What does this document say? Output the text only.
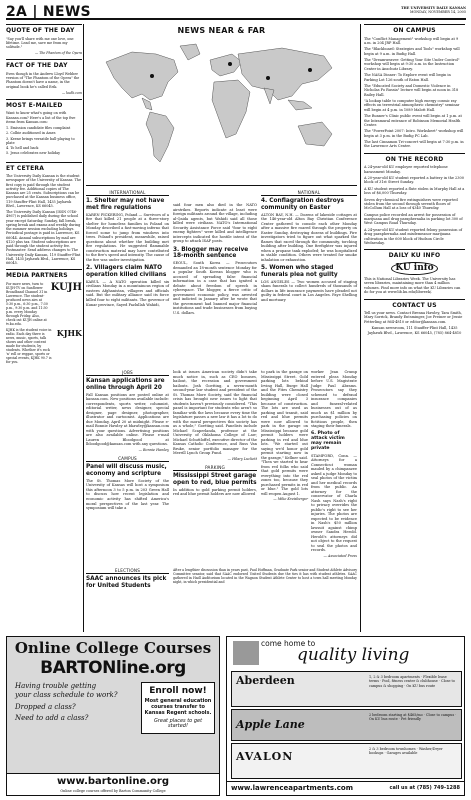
2A | NEWS	THE UNIVERSITY DAILY KANSAN
MONDAY, NOVEMBER 14, 2005
QUOTE OF THE DAY

"Say you'll share with me one love, one lifetime. Lead me, save me from my solitude."

— The Phantom of the Opera
FACT OF THE DAY

Even though in the Andrew Lloyd Webber version of "The Phantom of the Opera" the Phantom doesn't have a name, in the original book he's called Erik.

— kudb.com
MOST E-MAILED

Want to know what's going on with Kansan.com? Here's a list of the top five items from Kansan.com:

1. Emission candidate files complaint
2. Colbie auditioned in Ames
3. Keene brings versatile ball-playing to plate
4. To hell and back
5. Jesus celebrates new holiday
ET CETERA

The University Daily Kansan is the student newspaper of the University of Kansas. The first copy is paid through the student activity fee. Additional copies of The Kansan are 25 cents. Subscriptions can be purchased at the Kansan business office, 119 Stauffer-Flint Hall, 1435 Jayhawk Blvd., Lawrence, KS 66045.

The University Daily Kansan (ISSN 0746-4967) is published daily during the school year except Saturday, Sunday, fall break, spring break and exams and weekly during the summer session excluding holidays. Periodical postage is paid in Lawrence, KS 66044. Annual subscriptions by mail are $120 plus tax. Student subscriptions are paid through the student activity fee. Postmaster: Send address changes to The University Daily Kansan, 119 Stauffer-Flint Hall, 1435 Jayhawk Blvd., Lawrence, KS 66045.

MEDIA PARTNERS
For more news, turn to KUJH-TV on Sunflower Broadband Channel 31 in Lawrence. The student-produced news airs at 5:30 p.m., 6:30 p.m., 7:30 p.m., 9:30 p.m. and 11:30 p.m. every Monday through Friday. Also, check out KUJH online at tv.ku.edu.
KUJH
KJHK is the student voice in radio. Each day there is news, music, sports, talk shows and other content made for students, by students. Whether it's rock 'n' roll or reggae, sports or special events, KJHK 90.7 is for you.
KJHK
NEWS NEAR & FAR
INTERNATIONAL
1. Shelter may not have met fire regulations
KAREN PICKERING, Poland — Survivors of a fire that killed 21 people at a three-story shelter for homeless families in Poland on Monday described a fast-moving inferno that forced some to jump from windows into trees. Poland's president, meanwhile, raised questions about whether the building met fire regulations. He suggested flammable construction material may have contributed to the fire's speed and intensity. The cause of the fire was under investigation.
2. Villagers claim NATO operation killed civilians
KABUL — A NATO operation killed six civilians Monday in a mountainous region of eastern Afghanistan, villagers and officials said. But the military alliance said its force killed four to eight militants. The governor of Kunar province, Sayed Fazlullah Wahidi,
said four men also died in the NATO airstrikes. Reports indicate at least were foreign militants around the village, including al-Qaida agents, but Wahidi said all those killed were civilians. NATO's International Security Assistance Force said "four to eight enemy fighters" were killed and intelligence intercepts indicated the hostile intent of the group to attack ISAF posts.
3. Blogger may receive 18-month sentence
SEOUL, South Korea — Prosecutors demanded an 18-month sentence Monday for a popular South Korean blogger who is accused of spreading false financial information in a case that has ignited a debate about freedom of speech in cyberspace. The blogger, a fierce critic of government economic policy, was arrested and indicted in January after he wrote that the government had banned major financial institutions and trade businesses from buying U.S. dollars.
NATIONAL
4. Conflagration destroys community on Easter
ALTON BAY, N.H. — Dozens of lakeside cottages at the 146-year-old Alton Bay Christian Conference Center gathered to console each other Monday after a massive fire roared through the property on Easter Sunday, destroying dozens of buildings. Fire investigators tried to figure out what sparked the flames that raced through the community, torching building after building. One firefighter was injured when a propane tank exploded; he was hospitalized in stable condition. Others were treated for smoke inhalation or exhaustion.
5. Women who staged funerals plea not guilty
LOS ANGELES — Two women accused of staging sham funerals to collect hundreds of thousands of dollars in life insurance payments have pleaded not guilty in federal court in Los Angeles. Faye Shelling and mortuary
JOBS
Kansan applications are online through April 20
Fall Kansan positions are posted online at kansan.com. New positions available include: correspondents, sports writer, columnist, editorial writer, news designer, special designer, page designer, photographer, illustrator and cartoonist. Applications are due Monday, April 20 at midnight. Please e-mail Bonnie Hawley at bhawley@kansan.com with your questions. Advertising positions are also available online. Please e-mail Lauren Bloodgood at lbloodgood@kansan.com with any questions.
— Bonnie Hawley
CAMPUS
Panel will discuss music, economy and scripture
The St. Thomas More Society of the University of Kansas will host a symposium this afternoon 3 to 5 p.m. in 203 Green Hall to discuss how recent legislation and economic activity has shifted America's moral perspectives of the last year. The symposium will take a
look at issues American society didn't take much notice in, such as CEO bonuses, bailout, the recession and government bailouts. Josh Goetting, a seven-month second-year law student and president of the St. Thomas More Society, said the financial crisis has brought new issues to light that students haven't previously considered. "This panel is important for students who aren't so familiar with the laws because every time the legislature passes a new law it has a lot to do with the moral perspectives this society has as a whole," Goetting said. Panelists include Michael Scaperlanda, professor at the University of Oklahoma College of Law; Michael Schuttloffel, executive director of the Kansas Catholic Conference, and Russ Van Bruke, senior portfolio manager for the Merrill Lynch Group Fund.
— Hilary Luckett
PARKING
Mississippi Street garage open to red, blue permits
In addition to gold parking permit holders, red and blue permit holders are now allowed
to park in the garage on Mississippi Street. Gold parking lots behind Irving Hall, Burge Hall and the Fites Chemistry building were closed beginning April 3 because of construction. The lots are used as parking and transit, said red and blue permits were now allowed to park in the garage on Mississippi because gold permit holders were parking in red and blue lots. "We started out saying we'd honor gold permit starting now in the garage," Kellner said. "Then we started to hear from red folks who said that gold permits were everything into the red zones too, because they purchased permits in red or blue." The gold lots will reopen August 1.
— Mike Kreisberger
worker Jean Crump entered pleas Monday before U.S. Magistrate Judge Paul Abrams. Prosecutors say they schemed to defraud insurance companies and funeral-related businesses out of as much as $1 million by purchasing policies on fictitious people, then staging their funerals.
6. Photo of attack victim may remain private
STAMFORD, Conn. — Attorneys for a Connecticut woman mauled by a chimpanzee asked a judge Monday to seal photos of the victim and her medical records from the public. An attorney for the conservator of Charla Nash says Nash's right to privacy overrides the public's right to see her injuries. The photos are expected to be evidence in Nash's $50 million lawsuit against chimp owner Sandra Herold. Herold's attorneys did not object to the request to seal the photos and records.
— Associated Press
ELECTIONS
SAAC announces its pick for United Students
After a lengthier discussion than in years past, Paul Hoffman, Graduate Park senior and Student Athlete Advisory Committee senator, said that SAAC endorsed United Students due the ties it has with student athletes. SAAC gathered in Hadl Auditorium located in the Wagnon Student Athlete Center to host a town hall meeting Monday night, in which presidential and
ON CAMPUS

The "Conflict Management" workshop will begin at 9 a.m. in 204 JRP Hall.

The "Blackboard: Strategies and Tools" workshop will begin at 9 a.m. in Budig Hall.

The "Dreamweaver: Getting Your Site Under Control" workshop will begin at 9:30 a.m. in the Instruction Center in Anschutz Library.

The NASA Dinner: To Explore event will begin in Parking Lot 126 south of Eaton Hall.

The "Educated Society and Domestic Violence in Nicholas Fo Russia" lecture will begin at noon in 318 Bailey Hall.

"A lookup table to computer high energy cosmic ray effects on terrestrial atmospheric chemistry" seminar will begin at 4 p.m. in 1089 Malott Hall.

The Runner's Clinic public event will begin at 1 p.m. at the Intramural entrance of Robinson Memorial Health Center.

The "PowerPoint 2007: Intro. Worksheet" workshop will begin at 3 p.m. in the Budig PC Lab.

The last Cinnamon Tri-concert will begin at 7:30 p.m. in the Lawrence Arts Center.

ON THE RECORD

A 24-year-old KU employee reported telephone harassment Monday.

A 20-year-old KU student reported a battery in the 2300 block of 31st Street Sunday.

A KU student reported a flute stolen in Murphy Hall at a loss of $6,000 Thursday.

Seven dry-chemical fire extinguishers were reported stolen from the second through seventh floors of McCollum Hall at a loss of $340 Thursday.

Campus police recorded an arrest for possession of marijuana and drug paraphernalia in parking lot 300 of West Campus Road Thursday.

A 24-year-old KU student reported felony possession of drug paraphernalia and misdemeanor marijuana cultivation in the 600 block of Hudson Circle Wednesday.

DAILY KU INFO
KU info

This is National Libraries Week. The University has seven libraries, maintaining more than 4 million volumes. Find more info on what the KU Libraries can do for you at www.lib.ku.edu/libweek/.

CONTACT US

Tell us your news. Contact Brenna Hawley, Tara Smith, Mary Sorrick, Brandy Entsminger, Joe Preiner or Jessie Fetterling at 864-4810 or editor@kansan.com.

Kansan newsroom, 111 Stauffer-Flint Hall, 1435 Jayhawk Blvd., Lawrence, KS 66045, (785) 864-4810

Online College Courses
BARTONline.org
Having trouble getting
your class schedule to work?
Dropped a class?
Need to add a class?
Enroll now!
Most general education courses transfer to Kansas Regent schools.
Great places to get started!
www.bartonline.org
Online college courses offered by Barton Community College
come home to
quality living
Aberdeen	1, 2 & 3 bedroom apartments · Flexible lease terms · Pool, fitness center & clubhouse · Close to campus & shopping · On KU bus route
Apple Lane
2 bedroom starting at $465/mo · Close to campus · On KU bus route · Pet friendly
AVALON
2 & 3 bedroom townhomes · Washer/Dryer hookups · Garages available
www.lawrenceapartments.com	call us at (785) 749-1288
